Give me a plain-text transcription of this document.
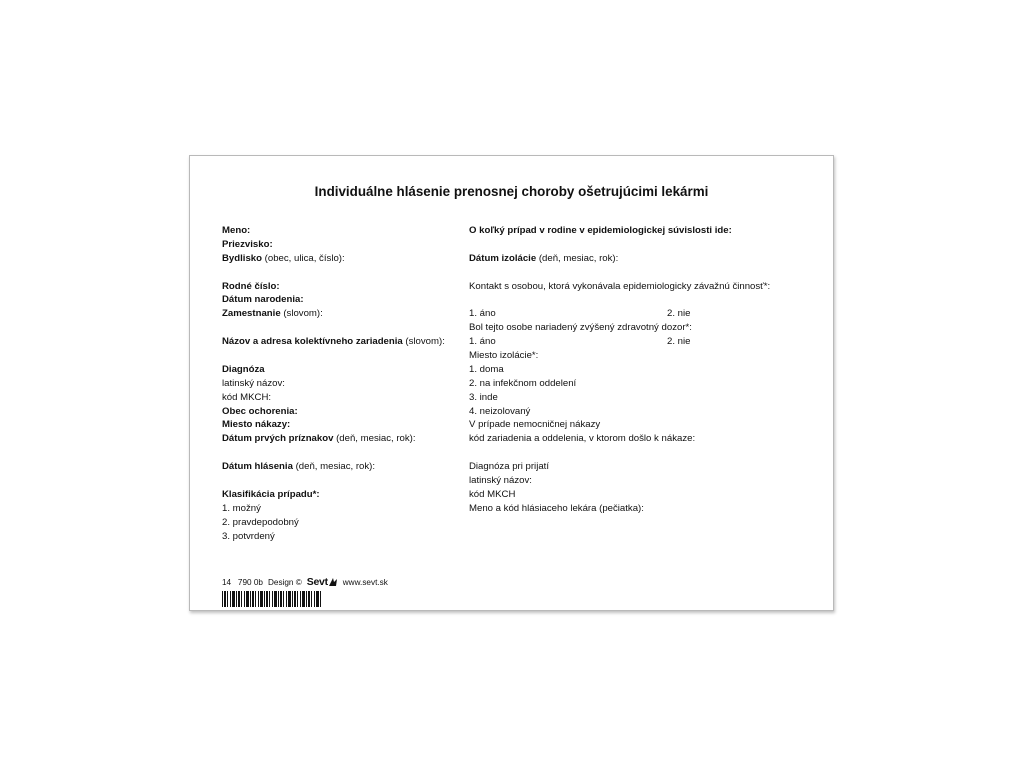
Individuálne hlásenie prenosnej choroby ošetrujúcimi lekármi
Meno:
Priezvisko:
Bydlisko (obec, ulica, číslo):
Rodné číslo:
Dátum narodenia:
Zamestnanie (slovom):
Názov a adresa kolektívneho zariadenia (slovom):
Diagnóza
latinský názov:
kód MKCH:
Obec ochorenia:
Miesto nákazy:
Dátum prvých príznakov (deň, mesiac, rok):
Dátum hlásenia (deň, mesiac, rok):
Klasifikácia prípadu*:
1. možný
2. pravdepodobný
3. potvrdený
O koľký prípad v rodine v epidemiologickej súvislosti ide:
Dátum izolácie (deň, mesiac, rok):
Kontakt s osobou, ktorá vykonávala epidemiologicky závažnú činnosť*:
1. áno	2. nie
Bol tejto osobe nariadený zvýšený zdravotný dozor*:
1. áno	2. nie
Miesto izolácie*:
1. doma
2. na infekčnom oddelení
3. inde
4. neizolovaný
V prípade nemocničnej nákazy
kód zariadenia a oddelenia, v ktorom došlo k nákaze:
Diagnóza pri prijatí
latinský názov:
kód MKCH
Meno a kód hlásiaceho lekára (pečiatka):
14   790 0b Design © Sevt www.sevt.sk
